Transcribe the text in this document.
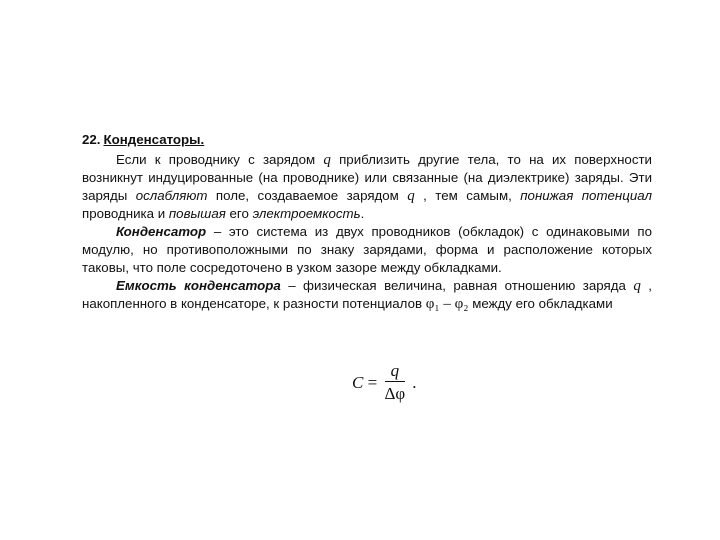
22. Конденсаторы.

Если к проводнику с зарядом q приблизить другие тела, то на их поверхности возникнут индуцированные (на проводнике) или связанные (на диэлектрике) заряды. Эти заряды ослабляют поле, создаваемое зарядом q , тем самым, понижая потенциал проводника и повышая его электроемкость.

Конденсатор – это система из двух проводников (обкладок) с одинаковыми по модулю, но противоположными по знаку зарядами, форма и расположение которых таковы, что поле сосредоточено в узком зазоре между обкладками.

Емкость конденсатора – физическая величина, равная отношению заряда q , накопленного в конденсаторе, к разности потенциалов φ₁ – φ₂ между его обкладками

$C = \frac{q}{\Delta\varphi}$ .
